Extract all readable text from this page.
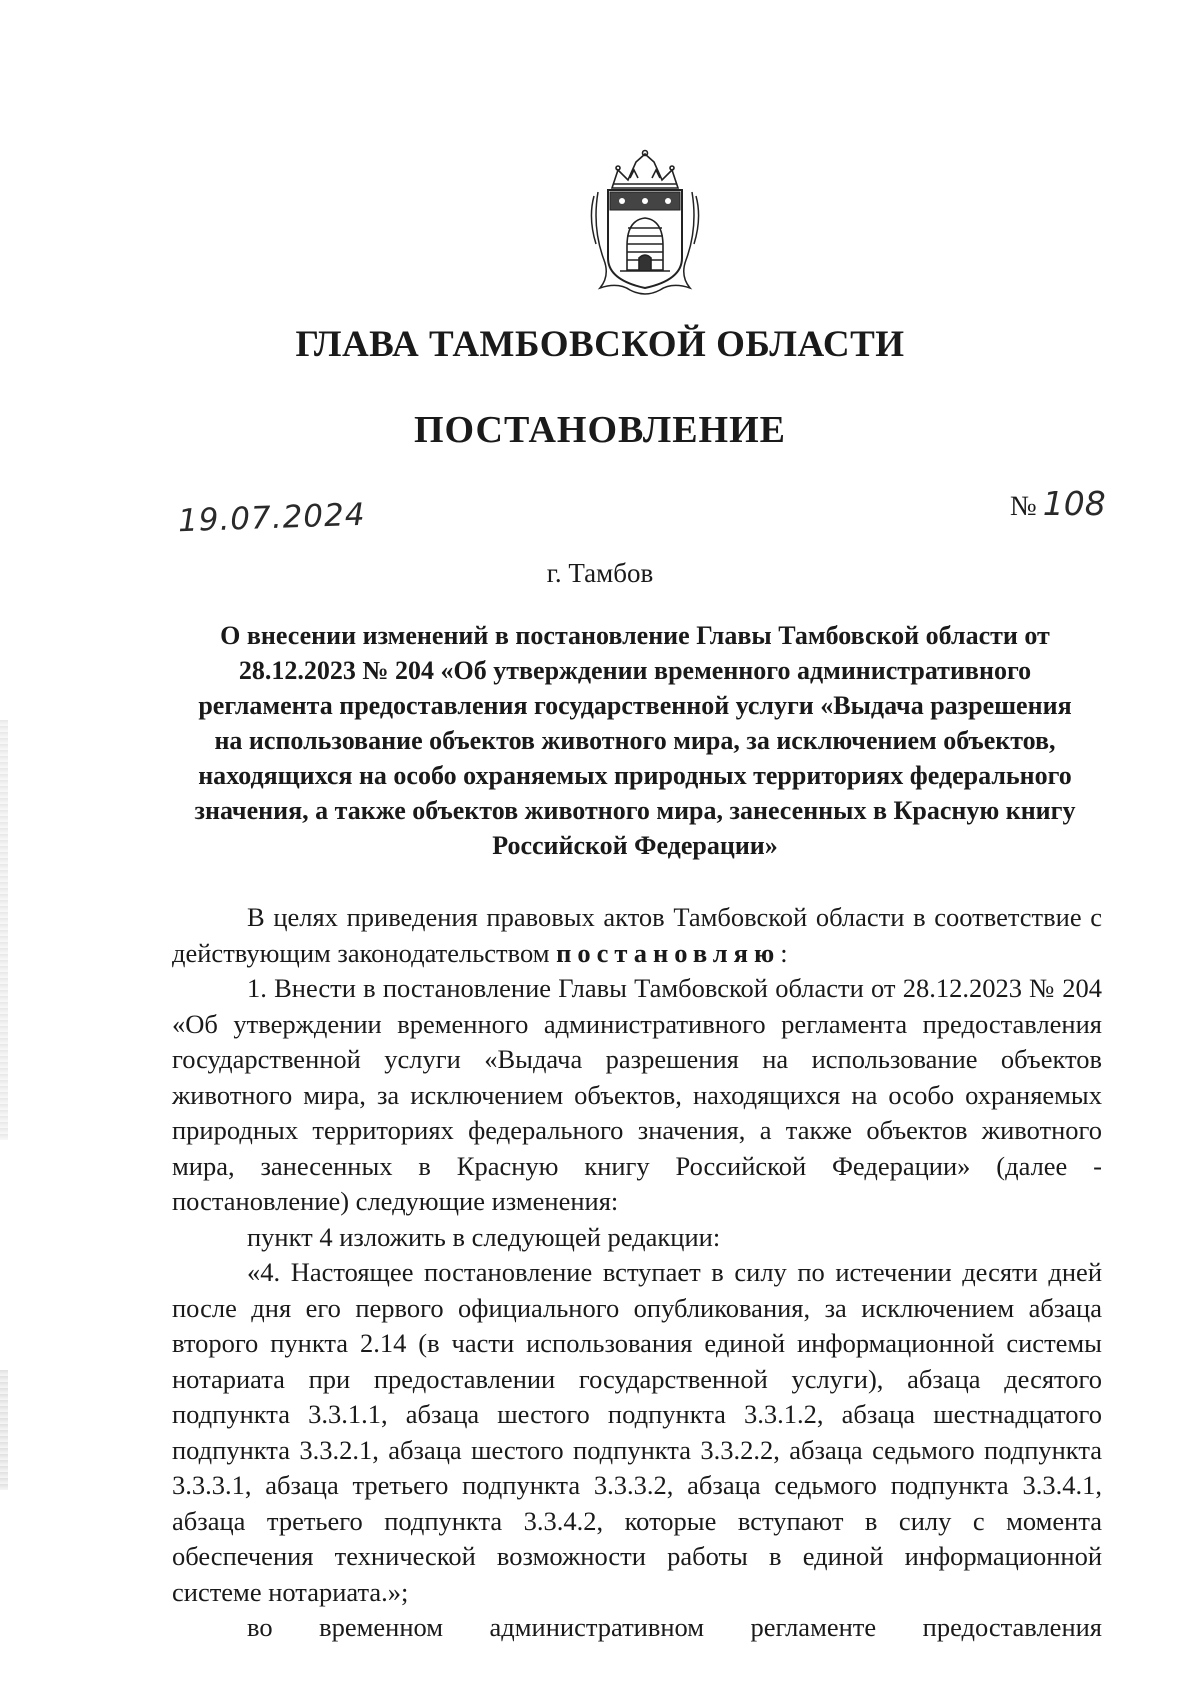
ГЛАВА ТАМБОВСКОЙ ОБЛАСТИ
ПОСТАНОВЛЕНИЕ
19.07.2024	№ 108
г. Тамбов
О внесении изменений в постановление Главы Тамбовской области от
28.12.2023 № 204 «Об утверждении временного административного
регламента предоставления государственной услуги «Выдача разрешения
на использование объектов животного мира, за исключением объектов,
находящихся на особо охраняемых природных территориях федерального
значения, а также объектов животного мира, занесенных в Красную книгу
Российской Федерации»

В целях приведения правовых актов Тамбовской области в соответствие с действующим законодательством постановляю:

1. Внести в постановление Главы Тамбовской области от 28.12.2023 № 204 «Об утверждении временного административного регламента предоставления государственной услуги «Выдача разрешения на использование объектов животного мира, за исключением объектов, находящихся на особо охраняемых природных территориях федерального значения, а также объектов животного мира, занесенных в Красную книгу Российской Федерации» (далее - постановление) следующие изменения:

пункт 4 изложить в следующей редакции:

«4. Настоящее постановление вступает в силу по истечении десяти дней после дня его первого официального опубликования, за исключением абзаца второго пункта 2.14 (в части использования единой информационной системы нотариата при предоставлении государственной услуги), абзаца десятого подпункта 3.3.1.1, абзаца шестого подпункта 3.3.1.2, абзаца шестнадцатого подпункта 3.3.2.1, абзаца шестого подпункта 3.3.2.2, абзаца седьмого подпункта 3.3.3.1, абзаца третьего подпункта 3.3.3.2, абзаца седьмого подпункта 3.3.4.1, абзаца третьего подпункта 3.3.4.2, которые вступают в силу с момента обеспечения технической возможности работы в единой информационной системе нотариата.»;

во временном административном регламенте предоставления
